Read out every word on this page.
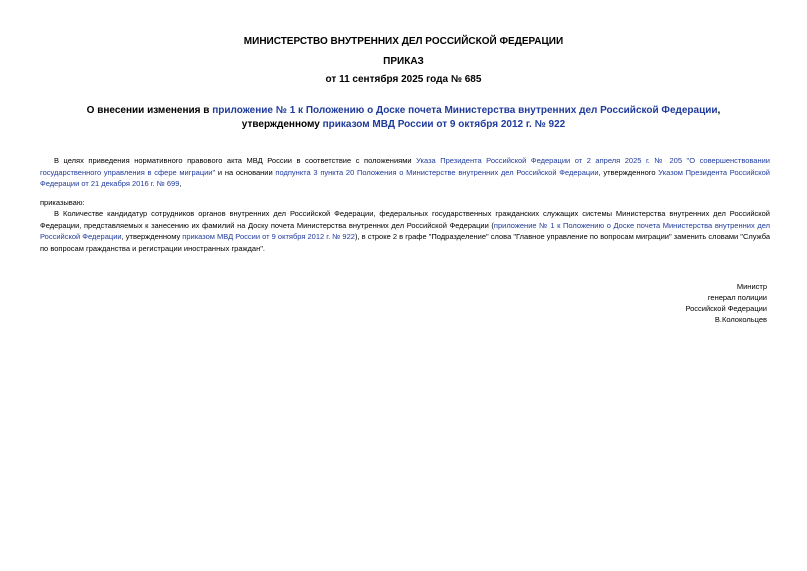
МИНИСТЕРСТВО ВНУТРЕННИХ ДЕЛ РОССИЙСКОЙ ФЕДЕРАЦИИ
ПРИКАЗ
от 11 сентября 2025 года № 685
О внесении изменения в приложение № 1 к Положению о Доске почета Министерства внутренних дел Российской Федерации, утвержденному приказом МВД России от 9 октября 2012 г. № 922
В целях приведения нормативного правового акта МВД России в соответствие с положениями Указа Президента Российской Федерации от 2 апреля 2025 г. № 205 "О совершенствовании государственного управления в сфере миграции" и на основании подпункта 3 пункта 20 Положения о Министерстве внутренних дел Российской Федерации, утвержденного Указом Президента Российской Федерации от 21 декабря 2016 г. № 699,
приказываю:
В Количестве кандидатур сотрудников органов внутренних дел Российской Федерации, федеральных государственных гражданских служащих системы Министерства внутренних дел Российской Федерации, представляемых к занесению их фамилий на Доску почета Министерства внутренних дел Российской Федерации (приложение № 1 к Положению о Доске почета Министерства внутренних дел Российской Федерации, утвержденному приказом МВД России от 9 октября 2012 г. № 922), в строке 2 в графе "Подразделение" слова "Главное управление по вопросам миграции" заменить словами "Служба по вопросам гражданства и регистрации иностранных граждан".
Министр
генерал полиции
Российской Федерации
В.Колокольцев
